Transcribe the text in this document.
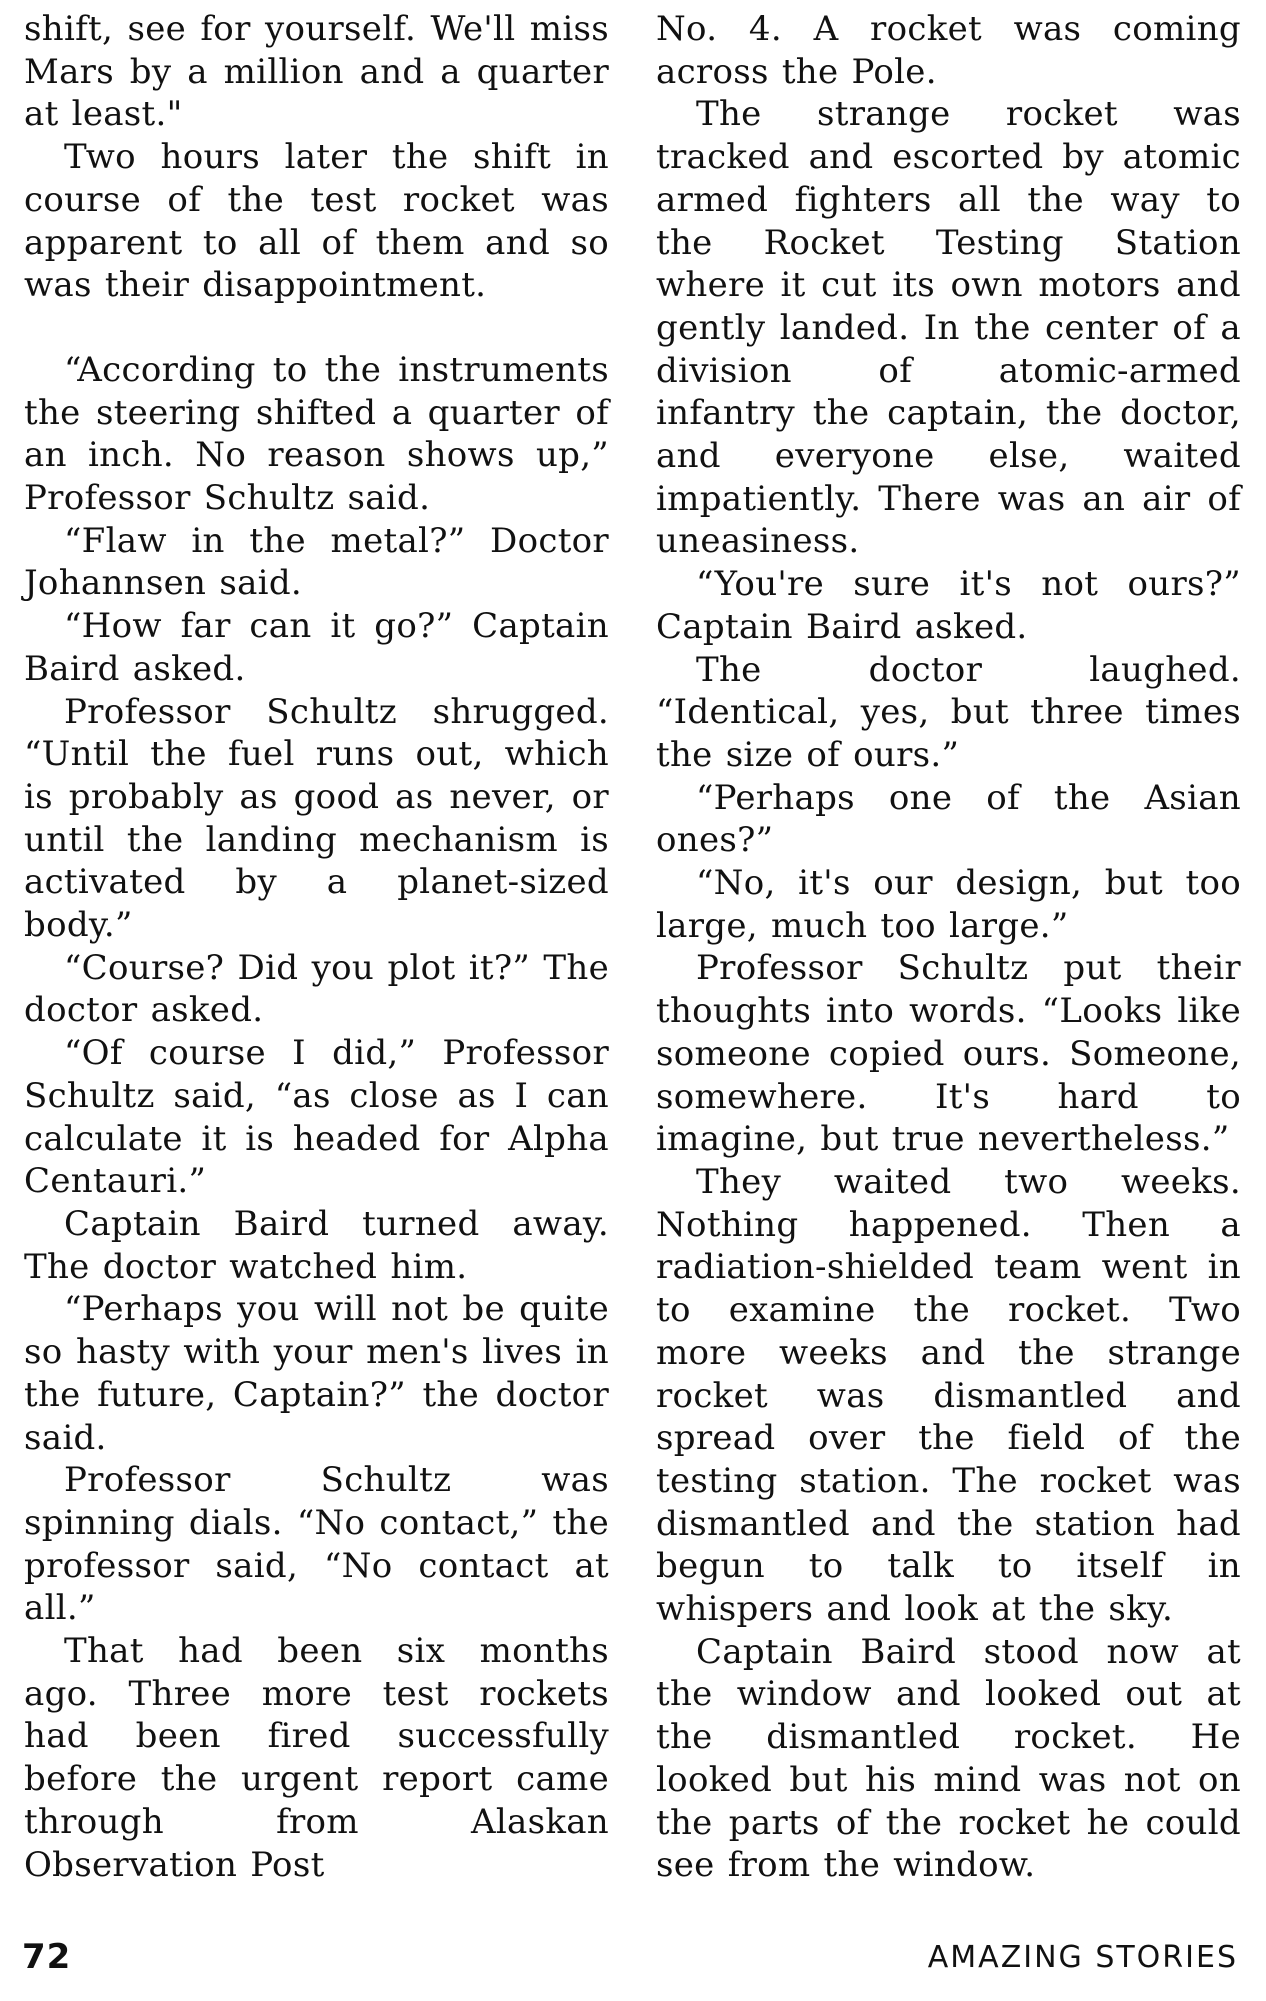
shift, see for yourself. We'll miss Mars by a million and a quarter at least."

Two hours later the shift in course of the test rocket was apparent to all of them and so was their disappointment.

“According to the instruments the steering shifted a quarter of an inch. No reason shows up,” Professor Schultz said.

“Flaw in the metal?” Doctor Johannsen said.

“How far can it go?” Captain Baird asked.

Professor Schultz shrugged. “Until the fuel runs out, which is probably as good as never, or until the landing mechanism is activated by a planet-sized body.”

“Course? Did you plot it?” The doctor asked.

“Of course I did,” Professor Schultz said, “as close as I can calculate it is headed for Alpha Centauri.”

Captain Baird turned away. The doctor watched him.

“Perhaps you will not be quite so hasty with your men's lives in the future, Captain?” the doctor said.

Professor Schultz was spinning dials. “No contact,” the professor said, “No contact at all.”

That had been six months ago. Three more test rockets had been fired successfully before the urgent report came through from Alaskan Observation Post

No. 4. A rocket was coming across the Pole.

The strange rocket was tracked and escorted by atomic armed fighters all the way to the Rocket Testing Station where it cut its own motors and gently landed. In the center of a division of atomic-armed infantry the captain, the doctor, and everyone else, waited impatiently. There was an air of uneasiness.

“You're sure it's not ours?” Captain Baird asked.

The doctor laughed. “Identical, yes, but three times the size of ours.”

“Perhaps one of the Asian ones?”

“No, it's our design, but too large, much too large.”

Professor Schultz put their thoughts into words. “Looks like someone copied ours. Someone, somewhere. It's hard to imagine, but true nevertheless.”

They waited two weeks. Nothing happened. Then a radiation-shielded team went in to examine the rocket. Two more weeks and the strange rocket was dismantled and spread over the field of the testing station. The rocket was dismantled and the station had begun to talk to itself in whispers and look at the sky.

Captain Baird stood now at the window and looked out at the dismantled rocket. He looked but his mind was not on the parts of the rocket he could see from the window.

72	AMAZING STORIES
